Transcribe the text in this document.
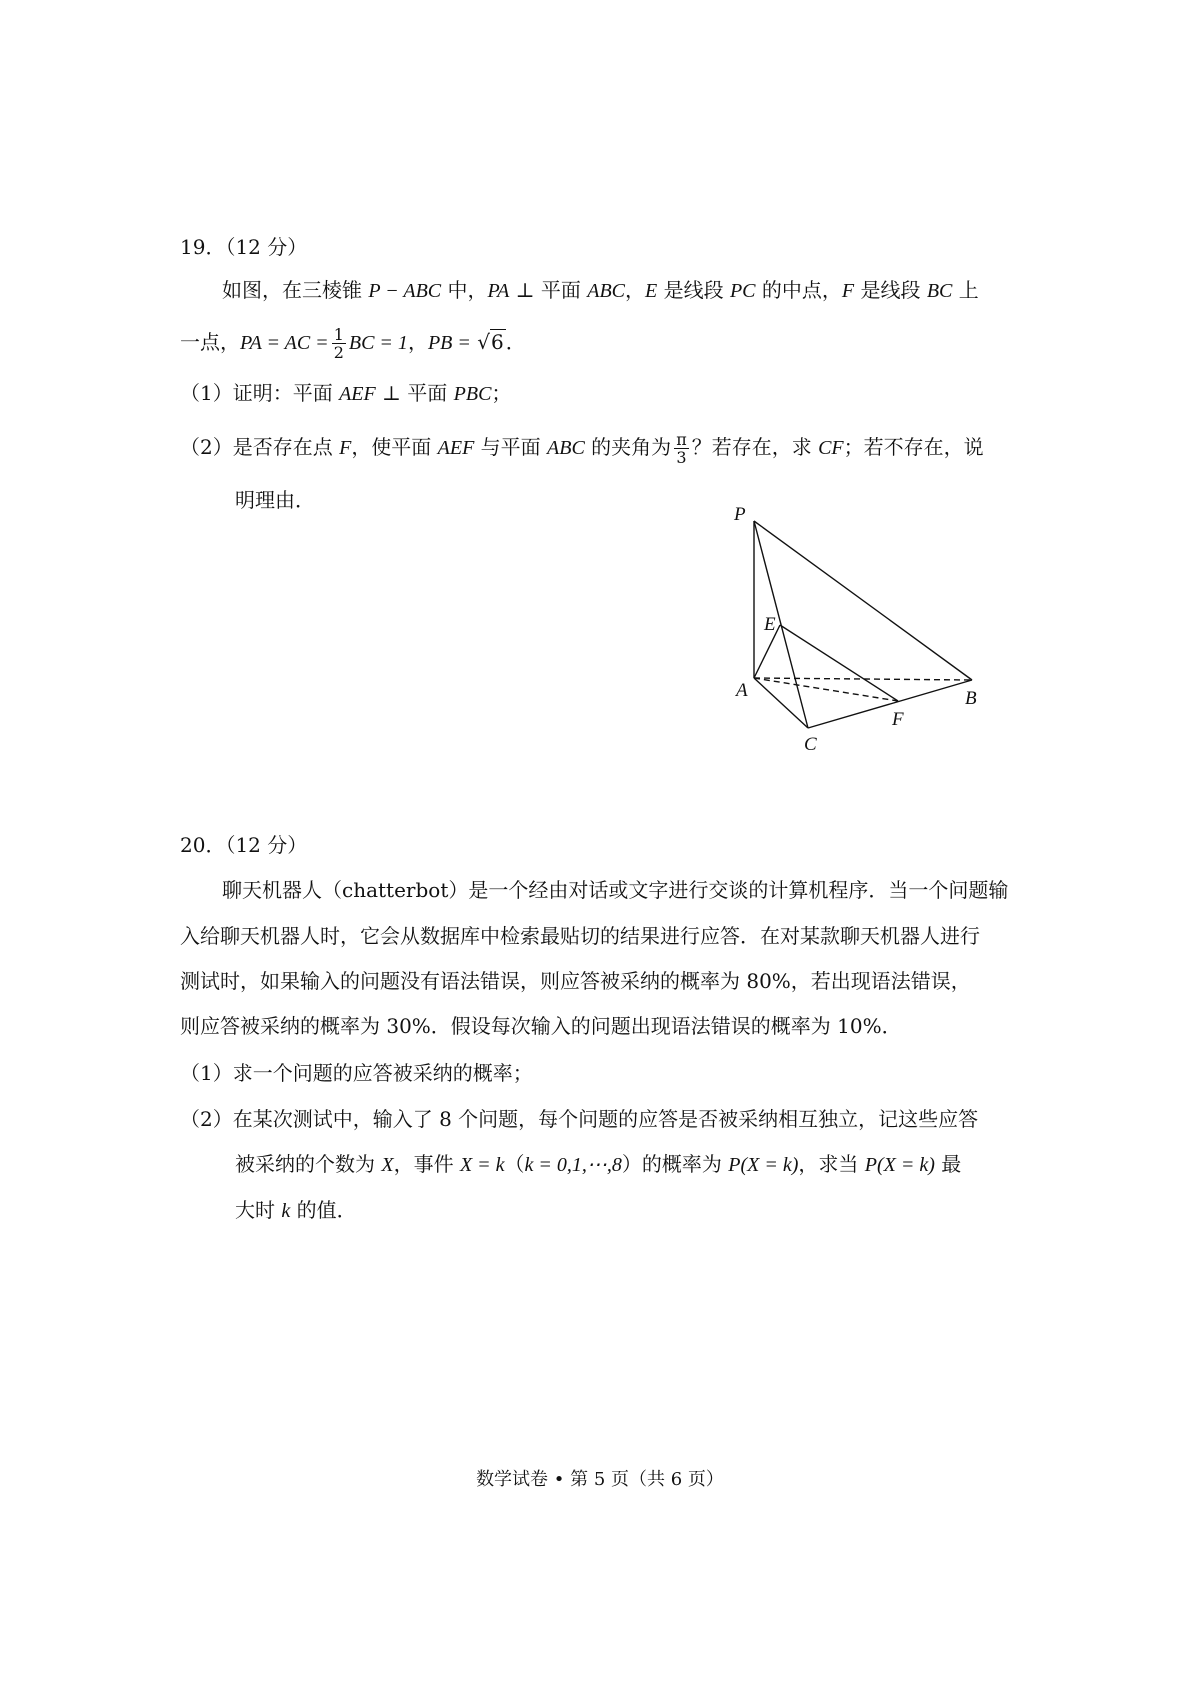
19．（12 分）
如图，在三棱锥 P − ABC 中，PA ⊥ 平面 ABC，E 是线段 PC 的中点，F 是线段 BC 上
一点，PA = AC = $\frac{1}{2}$ BC = 1，PB = √6 ．
（1）证明：平面 AEF ⊥ 平面 PBC；
（2）是否存在点 F，使平面 AEF 与平面 ABC 的夹角为 $\frac{\pi}{3}$ ？若存在，求 CF；若不存在，说
明理由．
P
E
A	B
F
C
20．（12 分）
聊天机器人（chatterbot）是一个经由对话或文字进行交谈的计算机程序．当一个问题输
入给聊天机器人时，它会从数据库中检索最贴切的结果进行应答．在对某款聊天机器人进行
测试时，如果输入的问题没有语法错误，则应答被采纳的概率为 80%，若出现语法错误，
则应答被采纳的概率为 30%．假设每次输入的问题出现语法错误的概率为 10%．
（1）求一个问题的应答被采纳的概率；
（2）在某次测试中，输入了 8 个问题，每个问题的应答是否被采纳相互独立，记这些应答
被采纳的个数为 X，事件 X = k（k = 0,1,⋯,8）的概率为 P(X = k)，求当 P(X = k) 最
大时 k 的值．
数学试卷 • 第 5 页（共 6 页）
